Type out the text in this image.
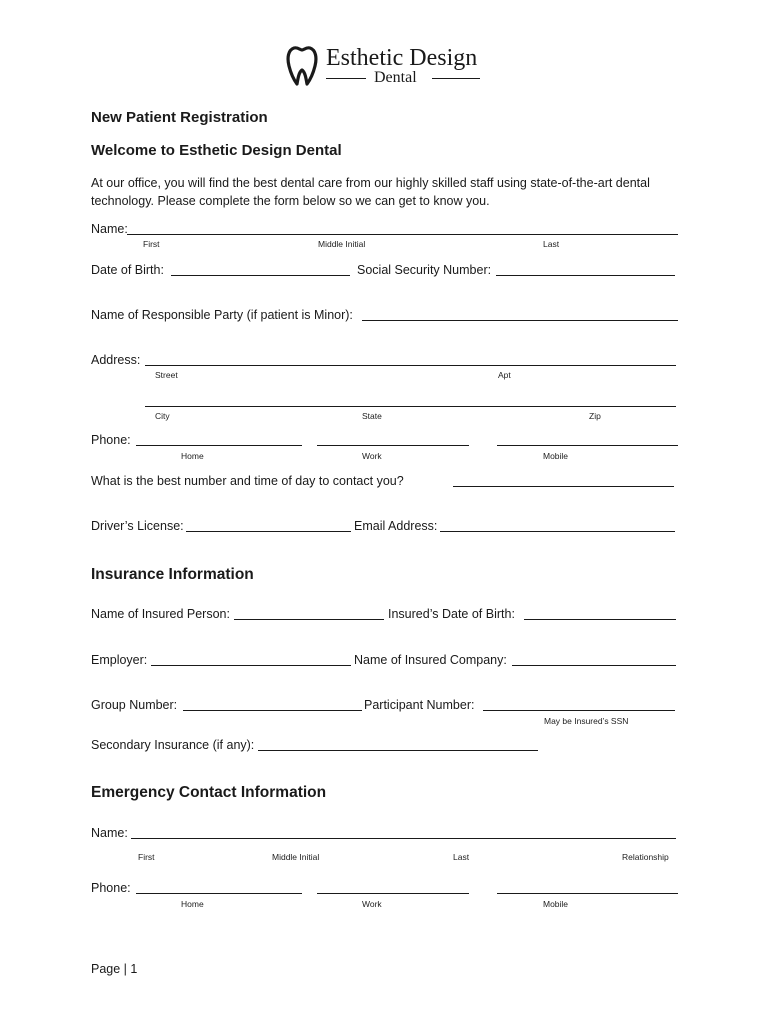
Esthetic Design
Dental
New Patient Registration
Welcome to Esthetic Design Dental
At our office, you will find the best dental care from our highly skilled staff using state-of-the-art dental
technology. Please complete the form below so we can get to know you.
Name:
First	Middle Initial	Last
Date of Birth:	Social Security Number:
Name of Responsible Party (if patient is Minor):
Address:
Street	Apt
City	State	Zip
Phone:
Home	Work	Mobile
What is the best number and time of day to contact you?
Driver’s License:	Email Address:
Insurance Information
Name of Insured Person:	Insured’s Date of Birth:
Employer:	Name of Insured Company:
Group Number:	Participant Number:
May be Insured’s SSN
Secondary Insurance (if any):
Emergency Contact Information
Name:
First	Middle Initial	Last	Relationship
Phone:
Home	Work	Mobile
Page | 1
